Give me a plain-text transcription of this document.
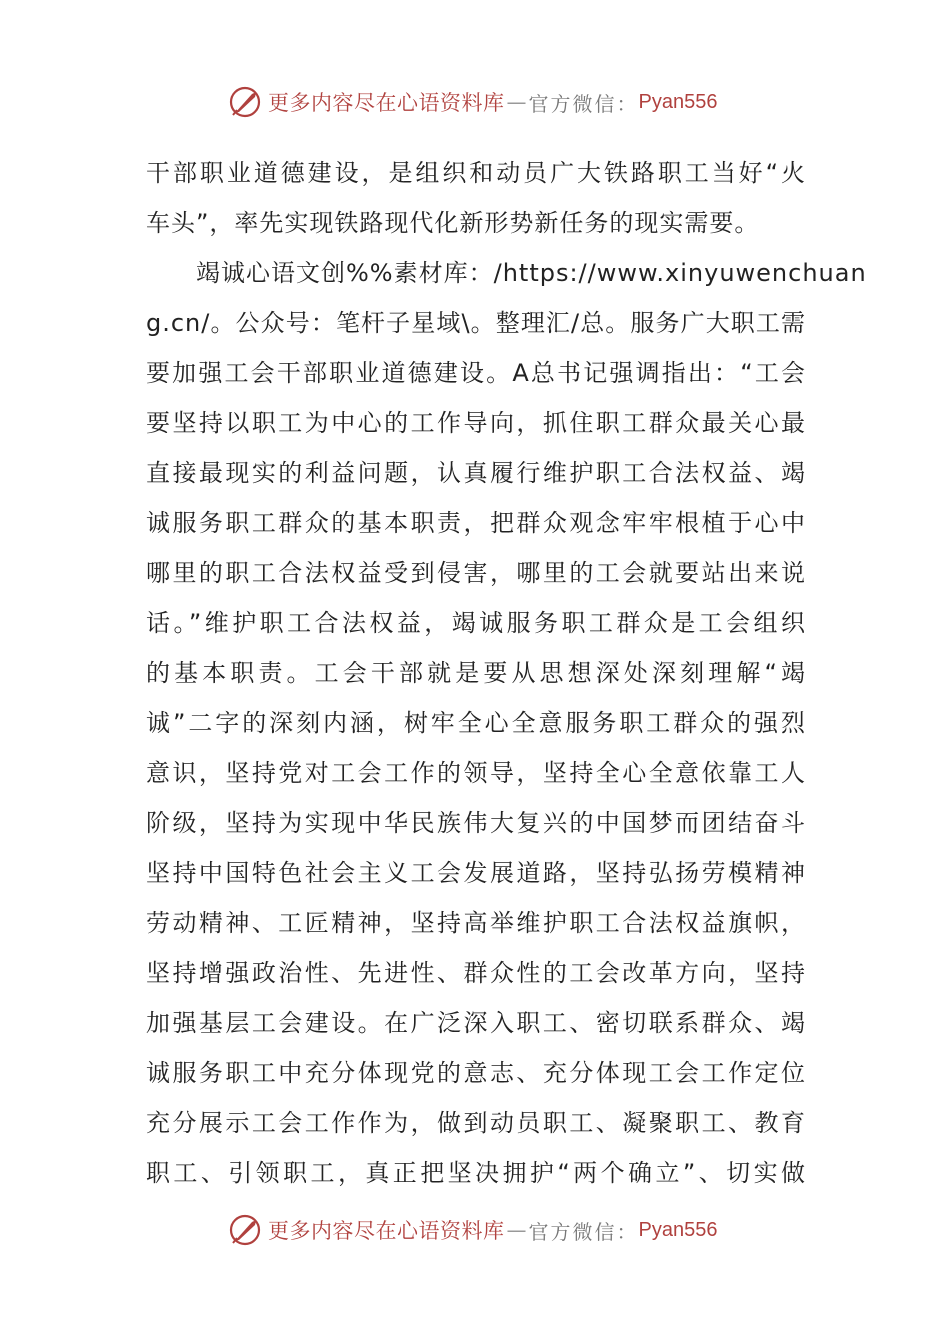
更多内容尽在心语资料库 — 官方微信： Pyan556
干部职业道德建设，是组织和动员广大铁路职工当好“火
车头”，率先实现铁路现代化新形势新任务的现实需要。
竭诚心语文创%%素材库：/https://www.xinyuwenchuan
g.cn/。公众号：笔杆子星域\。整理汇/总。服务广大职工需
要加强工会干部职业道德建设。A总书记强调指出：“工会
要坚持以职工为中心的工作导向，抓住职工群众最关心最
直接最现实的利益问题，认真履行维护职工合法权益、竭
诚服务职工群众的基本职责，把群众观念牢牢根植于心中
哪里的职工合法权益受到侵害，哪里的工会就要站出来说
话。”维护职工合法权益，竭诚服务职工群众是工会组织
的基本职责。工会干部就是要从思想深处深刻理解“竭
诚”二字的深刻内涵，树牢全心全意服务职工群众的强烈
意识，坚持党对工会工作的领导，坚持全心全意依靠工人
阶级，坚持为实现中华民族伟大复兴的中国梦而团结奋斗
坚持中国特色社会主义工会发展道路，坚持弘扬劳模精神
劳动精神、工匠精神，坚持高举维护职工合法权益旗帜，
坚持增强政治性、先进性、群众性的工会改革方向，坚持
加强基层工会建设。在广泛深入职工、密切联系群众、竭
诚服务职工中充分体现党的意志、充分体现工会工作定位
充分展示工会工作作为，做到动员职工、凝聚职工、教育
职工、引领职工，真正把坚决拥护“两个确立”、切实做
更多内容尽在心语资料库 — 官方微信： Pyan556
